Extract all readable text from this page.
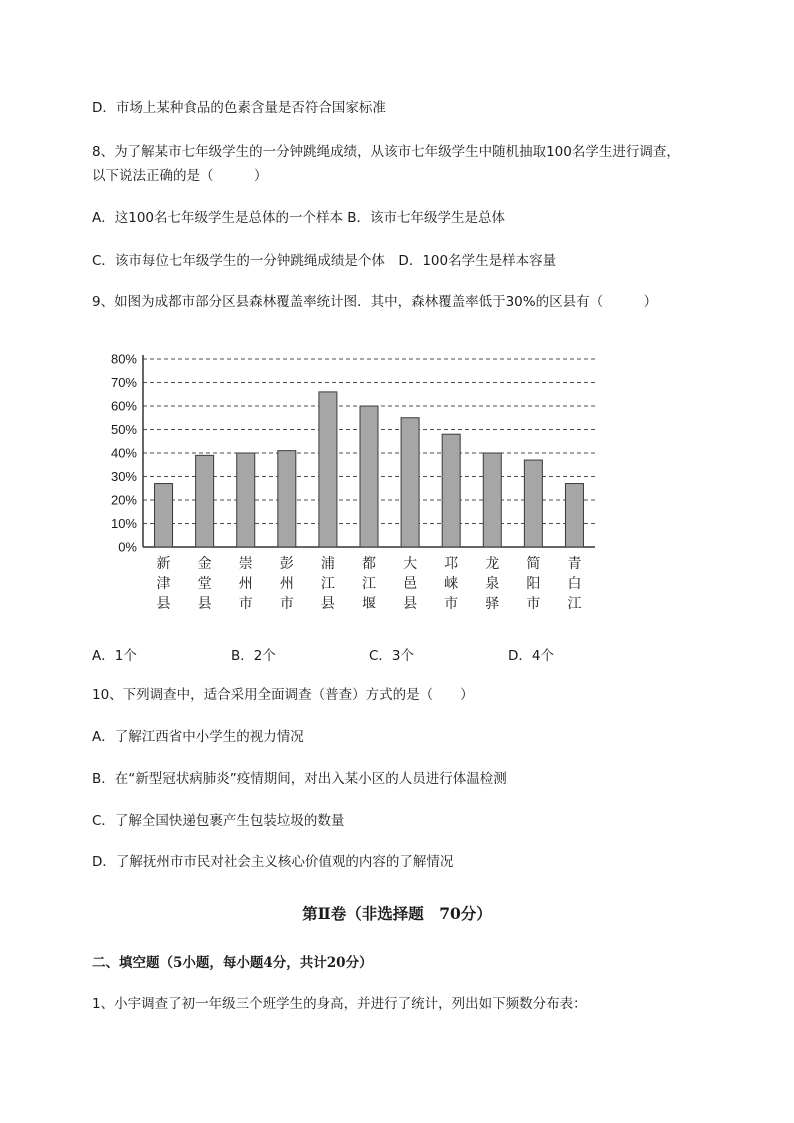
D．市场上某种食品的色素含量是否符合国家标准
8、为了解某市七年级学生的一分钟跳绳成绩，从该市七年级学生中随机抽取100名学生进行调查，
以下说法正确的是（　　　）
A．这100名七年级学生是总体的一个样本 B．该市七年级学生是总体
C．该市每位七年级学生的一分钟跳绳成绩是个体　D．100名学生是样本容量
9、如图为成都市部分区县森林覆盖率统计图．其中，森林覆盖率低于30%的区县有（　　　）
0%
10%
20%
30%
40%
50%
60%
70%
80%
新津县
金堂县
崇州市
彭州市
浦江县
都江堰
大邑县
邛崃市
龙泉驿
简阳市
青白江
A．1个	B．2个	C．3个	D．4个
10、下列调查中，适合采用全面调查（普查）方式的是（　　）
A．了解江西省中小学生的视力情况
B．在“新型冠状病肺炎”疫情期间，对出入某小区的人员进行体温检测
C．了解全国快递包裹产生包装垃圾的数量
D．了解抚州市市民对社会主义核心价值观的内容的了解情况
第Ⅱ卷（非选择题　70分）
二、填空题（5小题，每小题4分，共计20分）
1、小宇调查了初一年级三个班学生的身高，并进行了统计，列出如下频数分布表：
